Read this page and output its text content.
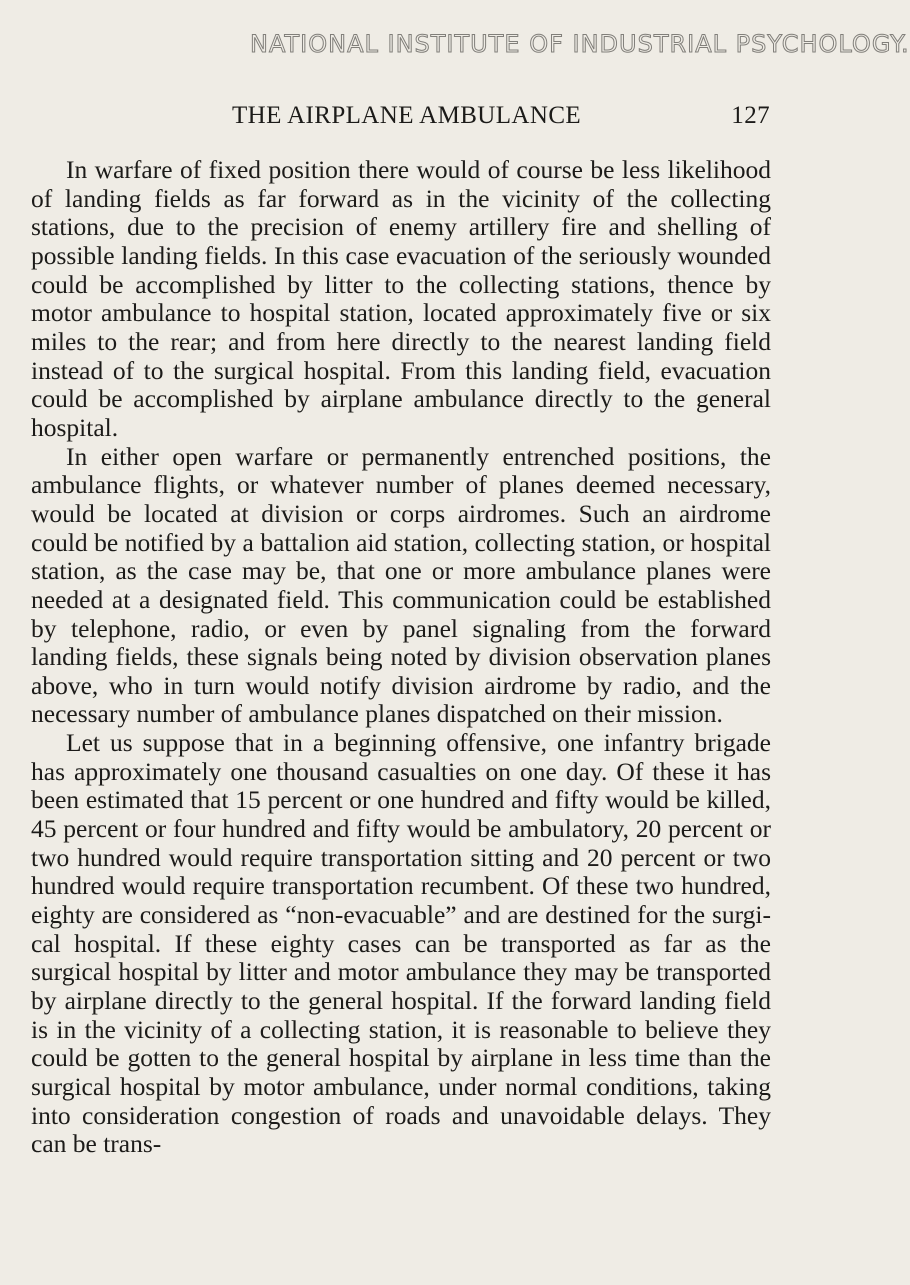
NATIONAL INSTITUTE OF INDUSTRIAL PSYCHOLOGY.
THE AIRPLANE AMBULANCE	127

In warfare of fixed position there would of course be less likelihood of landing fields as far forward as in the vicinity of the collecting stations, due to the precision of enemy artillery fire and shelling of possible landing fields. In this case evacuation of the seriously wounded could be accomplished by litter to the collecting stations, thence by motor ambulance to hospital station, located approximately five or six miles to the rear; and from here directly to the nearest landing field instead of to the surgical hospital. From this landing field, evacuation could be accomplished by airplane ambulance directly to the general hospital.

In either open warfare or permanently entrenched positions, the ambulance flights, or whatever number of planes deemed necessary, would be located at division or corps airdromes. Such an airdrome could be notified by a battalion aid station, collecting station, or hospital station, as the case may be, that one or more ambulance planes were needed at a designated field. This communication could be established by telephone, radio, or even by panel signaling from the forward landing fields, these signals being noted by division observation planes above, who in turn would notify division airdrome by radio, and the necessary number of ambulance planes dispatched on their mission.

Let us suppose that in a beginning offensive, one infantry brigade has approximately one thousand casualties on one day. Of these it has been estimated that 15 percent or one hundred and fifty would be killed, 45 percent or four hundred and fifty would be ambulatory, 20 percent or two hundred would require transportation sitting and 20 percent or two hundred would require transportation recumbent. Of these two hundred, eighty are considered as “non-evacuable” and are destined for the surgical hospital. If these eighty cases can be transported as far as the surgical hospital by litter and motor ambulance they may be transported by airplane directly to the general hospital. If the forward landing field is in the vicinity of a collecting station, it is reasonable to believe they could be gotten to the general hospital by airplane in less time than the surgical hospital by motor ambulance, under normal conditions, taking into consideration congestion of roads and unavoidable delays. They can be trans-
